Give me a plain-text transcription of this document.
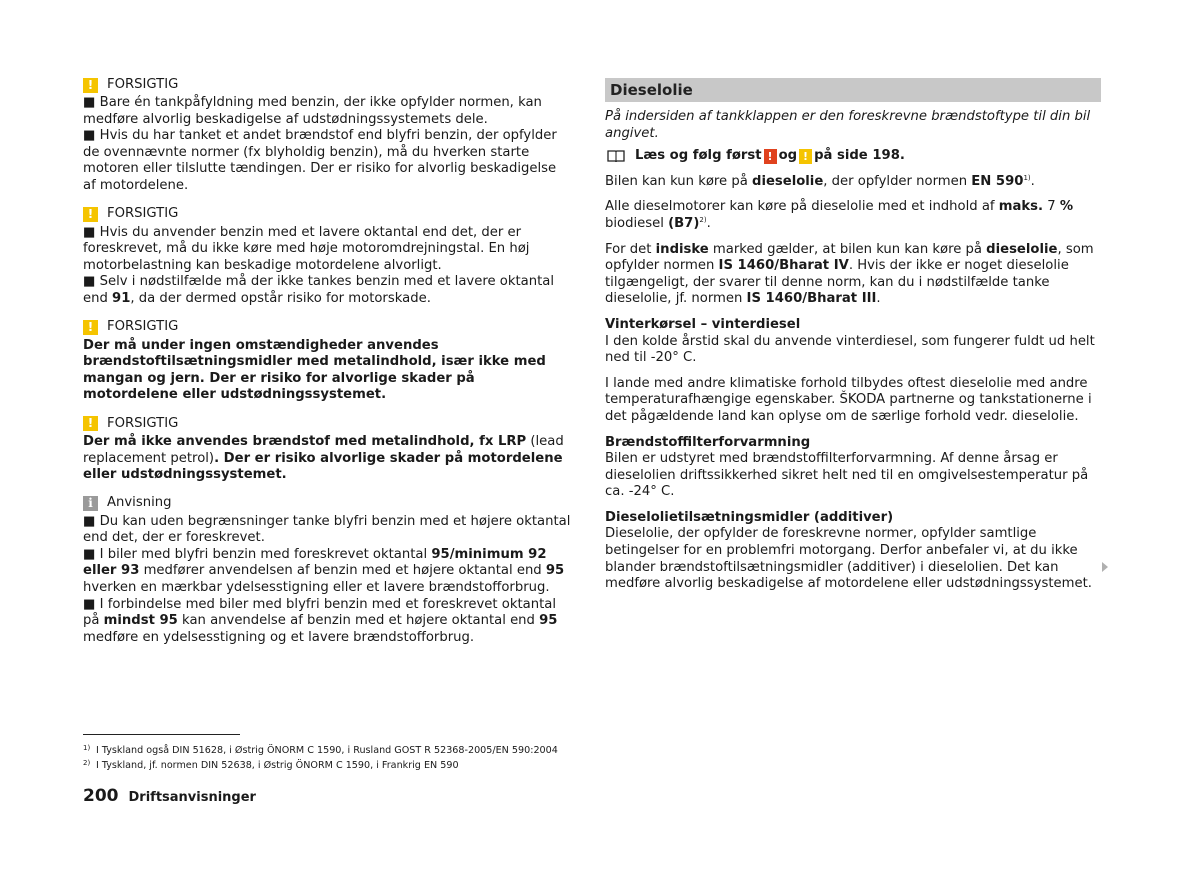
!	FORSIGTIG

■ Bare én tankpåfyldning med benzin, der ikke opfylder normen, kan medføre alvorlig beskadigelse af udstødningssystemets dele.

■ Hvis du har tanket et andet brændstof end blyfri benzin, der opfylder de ovennævnte normer (fx blyholdig benzin), må du hverken starte motoren eller tilslutte tændingen. Der er risiko for alvorlig beskadigelse af motordelene.

!	FORSIGTIG

■ Hvis du anvender benzin med et lavere oktantal end det, der er foreskrevet, må du ikke køre med høje motoromdrejningstal. En høj motorbelastning kan beskadige motordelene alvorligt.

■ Selv i nødstilfælde må der ikke tankes benzin med et lavere oktantal end 91, da der dermed opstår risiko for motorskade.

!	FORSIGTIG

Der må under ingen omstændigheder anvendes brændstoftilsætningsmidler med metalindhold, især ikke med mangan og jern. Der er risiko for alvorlige skader på motordelene eller udstødningssystemet.

!	FORSIGTIG

Der må ikke anvendes brændstof med metalindhold, fx LRP (lead replacement petrol). Der er risiko alvorlige skader på motordelene eller udstødningssystemet.

i	Anvisning

■ Du kan uden begrænsninger tanke blyfri benzin med et højere oktantal end det, der er foreskrevet.

■ I biler med blyfri benzin med foreskrevet oktantal 95/minimum 92 eller 93 medfører anvendelsen af benzin med et højere oktantal end 95 hverken en mærkbar ydelsesstigning eller et lavere brændstofforbrug.

■ I forbindelse med biler med blyfri benzin med et foreskrevet oktantal på mindst 95 kan anvendelse af benzin med et højere oktantal end 95 medføre en ydelsesstigning og et lavere brændstofforbrug.

Dieselolie

På indersiden af tankklappen er den foreskrevne brændstoftype til din bil angivet.

Læs og følg først ! og ! på side 198.

Bilen kan kun køre på dieselolie, der opfylder normen EN 590$^{1)}$.

Alle dieselmotorer kan køre på dieselolie med et indhold af maks. 7 % biodiesel $(B7)^{2)}$.

For det indiske marked gælder, at bilen kun kan køre på dieselolie, som opfylder normen IS 1460/Bharat IV. Hvis der ikke er noget dieselolie tilgængeligt, der svarer til denne norm, kan du i nødstilfælde tanke dieselolie, jf. normen IS 1460/Bharat III.

Vinterkørsel – vinterdiesel

I den kolde årstid skal du anvende vinterdiesel, som fungerer fuldt ud helt ned til -20° C.

I lande med andre klimatiske forhold tilbydes oftest dieselolie med andre temperaturafhængige egenskaber. ŠKODA partnerne og tankstationerne i det pågældende land kan oplyse om de særlige forhold vedr. dieselolie.

Brændstoffilterforvarmning

Bilen er udstyret med brændstoffilterforvarmning. Af denne årsag er dieselolien driftssikkerhed sikret helt ned til en omgivelsestemperatur på ca. -24° C.

Dieselolietilsætningsmidler (additiver)

Dieselolie, der opfylder de foreskrevne normer, opfylder samtlige betingelser for en problemfri motorgang. Derfor anbefaler vi, at du ikke blander brændstoftilsætningsmidler (additiver) i dieselolien. Det kan medføre alvorlig beskadigelse af motordelene eller udstødningssystemet.

1) I Tyskland også DIN 51628, i Østrig ÖNORM C 1590, i Rusland GOST R 52368-2005/EN 590:2004
2) I Tyskland, jf. normen DIN 52638, i Østrig ÖNORM C 1590, i Frankrig EN 590
200 Driftsanvisninger
